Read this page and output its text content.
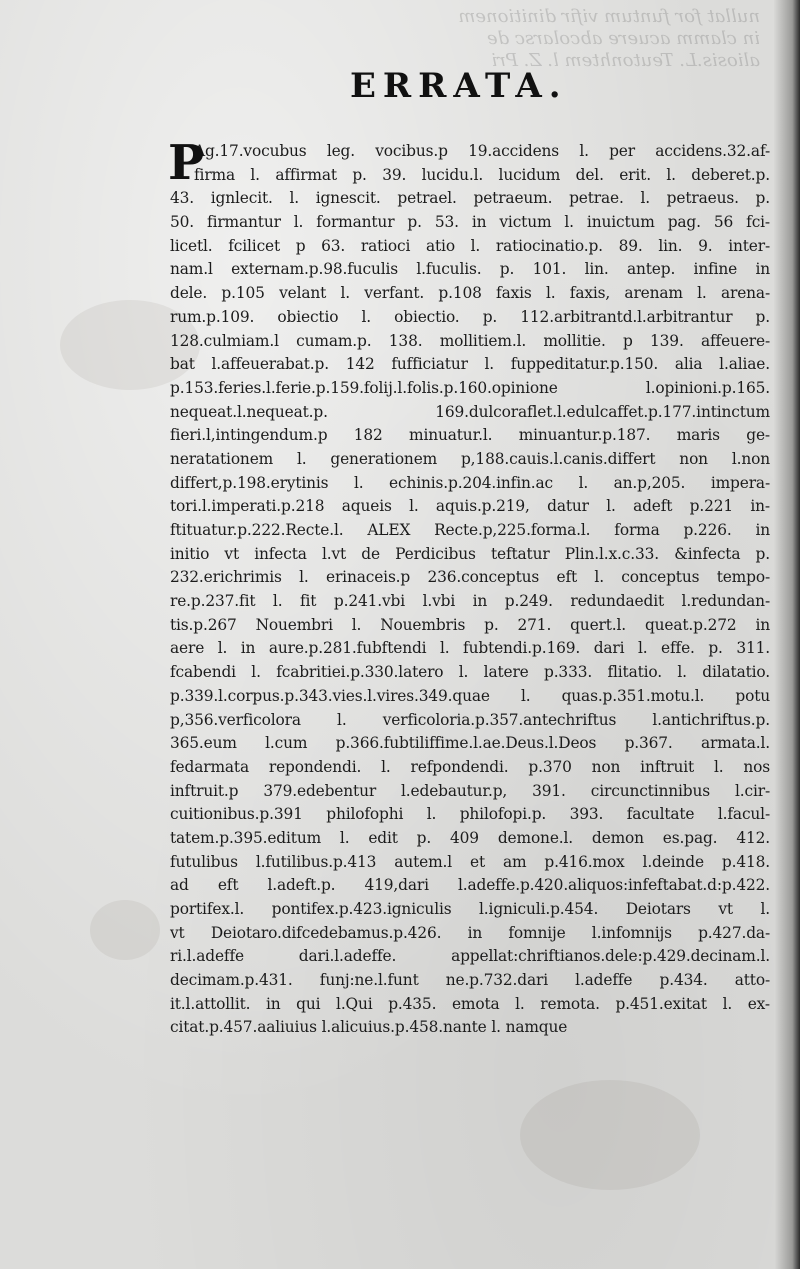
nullat for funtum vifir dinitionem
in clamm acuere abcolarsc de
aliosis.L. Teutonhtem l. Z. Pri
ERRATA.
P
Ag.17.vocubus leg. vocibus.p 19.accidens l. per accidens.32.af-
firma l. affirmat p. 39. lucidu.l. lucidum del. erit. l. deberet.p.
43. ignlecit. l. ignescit. petrael. petraeum. petrae. l. petraeus. p.
50. firmantur l. formantur p. 53. in victum l. inuictum pag. 56 fci-
licetl. fcilicet p 63. ratioci atio l. ratiocinatio.p. 89. lin. 9. inter-
nam.l externam.p.98.fuculis l.fuculis. p. 101. lin. antep. infine in
dele. p.105 velant l. verfant. p.108 faxis l. faxis, arenam l. arena-
rum.p.109. obiectio l. obiectio. p. 112.arbitrantd.l.arbitrantur p.
128.culmiam.l cumam.p. 138. mollitiem.l. mollitie. p 139. affeuere-
bat l.affeuerabat.p. 142 fufficiatur l. fuppeditatur.p.150. alia l.aliae.
p.153.feries.l.ferie.p.159.folij.l.folis.p.160.opinione l.opinioni.p.165.
nequeat.l.nequeat.p. 169.dulcoraflet.l.edulcaffet.p.177.intinctum
fieri.l,intingendum.p 182 minuatur.l. minuantur.p.187. maris ge-
neratationem l. generationem p,188.cauis.l.canis.differt non l.non
differt,p.198.erytinis l. echinis.p.204.infin.ac l. an.p,205. impera-
tori.l.imperati.p.218 aqueis l. aquis.p.219, datur l. adeft p.221 in-
ftituatur.p.222.Recte.l. ALEX Recte.p,225.forma.l. forma p.226. in
initio vt infecta l.vt de Perdicibus teftatur Plin.l.x.c.33. &infecta p.
232.erichrimis l. erinaceis.p 236.conceptus eft l. conceptus tempo-
re.p.237.fit l. fit p.241.vbi l.vbi in p.249. redundaedit l.redundan-
tis.p.267 Nouembri l. Nouembris p. 271. quert.l. queat.p.272 in
aere l. in aure.p.281.fubftendi l. fubtendi.p.169. dari l. effe. p. 311.
fcabendi l. fcabritiei.p.330.latero l. latere p.333. flitatio. l. dilatatio.
p.339.l.corpus.p.343.vies.l.vires.349.quae l. quas.p.351.motu.l. potu
p,356.verficolora l. verficoloria.p.357.antechriftus l.antichriftus.p.
365.eum l.cum p.366.fubtiliffime.l.ae.Deus.l.Deos p.367. armata.l.
fedarmata repondendi. l. refpondendi. p.370 non inftruit l. nos
inftruit.p 379.edebentur l.edebautur.p, 391. circunctinnibus l.cir-
cuitionibus.p.391 philofophi l. philofopi.p. 393. facultate l.facul-
tatem.p.395.editum l. edit p. 409 demone.l. demon es.pag. 412.
futulibus l.futilibus.p.413 autem.l et am p.416.mox l.deinde p.418.
ad eft l.adeft.p. 419,dari l.adeffe.p.420.aliquos:infeftabat.d:p.422.
portifex.l. pontifex.p.423.igniculis l.igniculi.p.454. Deiotars vt l.
vt Deiotaro.difcedebamus.p.426. in fomnije l.infomnijs p.427.da-
ri.l.adeffe dari.l.adeffe. appellat:chriftianos.dele:p.429.decinam.l.
decimam.p.431. funj:ne.l.funt ne.p.732.dari l.adeffe p.434. atto-
it.l.attollit. in qui l.Qui p.435. emota l. remota. p.451.exitat l. ex-
citat.p.457.aaliuius l.alicuius.p.458.nante l. namque
